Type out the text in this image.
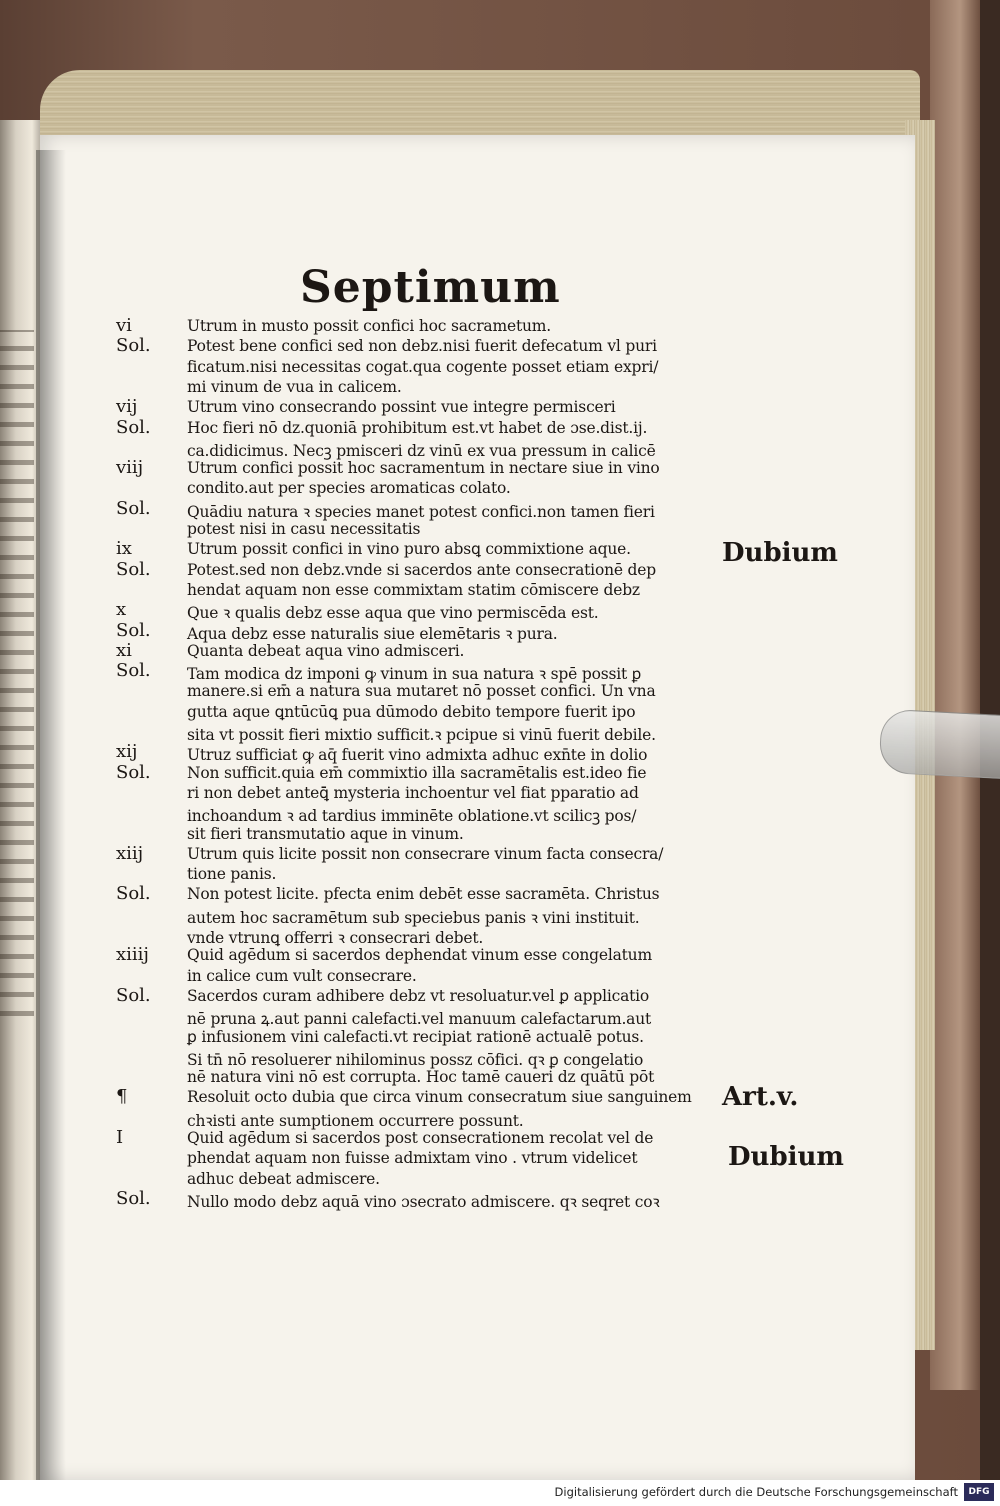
Septimum
Utrum in musto possit confici hoc sacrametum.
vi
Potest bene confici sed non debz.nisi fuerit defecatum vl puri
Sol.
ficatum.nisi necessitas cogat.qua cogente posset etiam expri/
mi vinum de vua in calicem.
Utrum vino consecrando possint vue integre permisceri
vij
Hoc fieri nō dz.quoniā prohibitum est.vt habet de ɔse.dist.ij.
Sol.
ca.didicimus. Necꝫ pmisceri dz vinū ex vua pressum in calicē
Utrum confici possit hoc sacramentum in nectare siue in vino
viij
condito.aut per species aromaticas colato.
Quādiu natura ꝛ species manet potest confici.non tamen fieri
Sol.
potest nisi in casu necessitatis
Utrum possit confici in vino puro absꝗ commixtione aque.
ix
Potest.sed non debz.vnde si sacerdos ante consecrationē dep
Sol.
hendat aquam non esse commixtam statim cōmiscere debz
Que ꝛ qualis debz esse aqua que vino permiscēda est.
x
Aqua debz esse naturalis siue elemētaris ꝛ pura.
Sol.
Quanta debeat aqua vino admisceri.
xi
Tam modica dz imponi ꝙ vinum in sua natura ꝛ spē possit ꝑ
Sol.
manere.si em̄ a natura sua mutaret nō posset confici. Un vna
gutta aque ꝗntūcūꝗ pua dūmodo debito tempore fuerit ipo
sita vt possit fieri mixtio sufficit.ꝛ pcipue si vinū fuerit debile.
Utruz sufficiat ꝙ aq̄ fuerit vino admixta adhuc exn̄te in dolio
xij
Non sufficit.quia em̄ commixtio illa sacramētalis est.ideo fie
Sol.
ri non debet anteꝗ̄ mysteria inchoentur vel fiat pparatio ad
inchoandum ꝛ ad tardius imminēte oblatione.vt scilicꝫ pos/
sit fieri transmutatio aque in vinum.
Utrum quis licite possit non consecrare vinum facta consecra/
xiij
tione panis.
Non potest licite. pfecta enim debēt esse sacramēta. Christus
Sol.
autem hoc sacramētum sub speciebus panis ꝛ vini instituit.
vnde vtrunꝗ offerri ꝛ consecrari debet.
Quid agēdum si sacerdos dephendat vinum esse congelatum
xiiij
in calice cum vult consecrare.
Sacerdos curam adhibere debz vt resoluatur.vel ꝑ applicatio
Sol.
nē pruna ꝝ.aut panni calefacti.vel manuum calefactarum.aut
ꝑ infusionem vini calefacti.vt recipiat rationē actualē potus.
Si tn̄ nō resoluerer nihilominus possz cōfici. qꝛ ꝑ congelatio
nē natura vini nō est corrupta. Hoc tamē caueri dz quātū pōt
Resoluit octo dubia que circa vinum consecratum siue sanguinem
¶
chꝛisti ante sumptionem occurrere possunt.
Quid agēdum si sacerdos post consecrationem recolat vel de
I
phendat aquam non fuisse admixtam vino . vtrum videlicet
adhuc debeat admiscere.
Nullo modo debz aquā vino ɔsecrato admiscere. qꝛ seqret coꝛ
Sol.
Dubium
Art.v.
Dubium
Digitalisierung gefördert durch die Deutsche Forschungsgemeinschaft	DFG
